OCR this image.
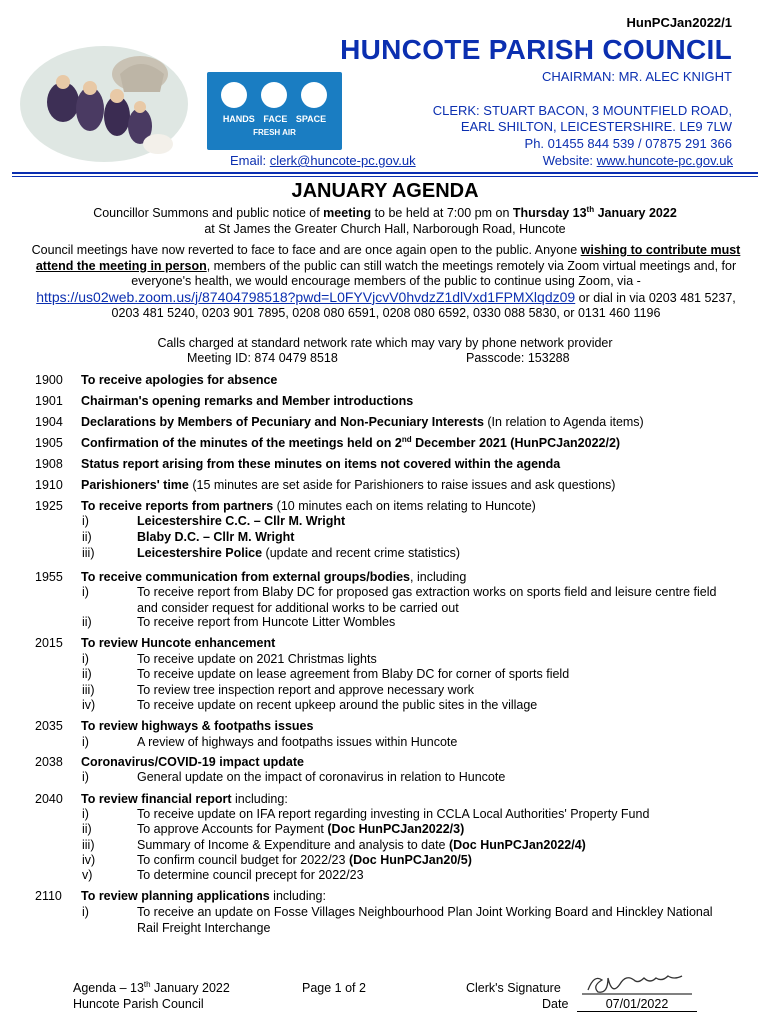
HunPCJan2022/1
HANDS FACE SPACE
FRESH AIR
HUNCOTE PARISH COUNCIL
CHAIRMAN: MR. ALEC KNIGHT
CLERK: STUART BACON, 3 MOUNTFIELD ROAD,
EARL SHILTON, LEICESTERSHIRE. LE9 7LW
Ph. 01455 844 539 / 07875 291 366
Email: clerk@huncote-pc.gov.uk	Website: www.huncote-pc.gov.uk
JANUARY AGENDA
Councillor Summons and public notice of meeting to be held at 7:00 pm on Thursday 13th January 2022
at St James the Greater Church Hall, Narborough Road, Huncote
Council meetings have now reverted to face to face and are once again open to the public. Anyone wishing to contribute must attend the meeting in person, members of the public can still watch the meetings remotely via Zoom virtual meetings and, for everyone's health, we would encourage members of the public to continue using Zoom, via - https://us02web.zoom.us/j/87404798518?pwd=L0FYVjcvV0hvdzZ1dlVxd1FPMXlqdz09 or dial in via 0203 481 5237, 0203 481 5240, 0203 901 7895, 0208 080 6591, 0208 080 6592, 0330 088 5830, or 0131 460 1196
Calls charged at standard network rate which may vary by phone network provider
Meeting ID: 874 0479 8518	Passcode: 153288
1900 To receive apologies for absence
1901 Chairman's opening remarks and Member introductions
1904 Declarations by Members of Pecuniary and Non-Pecuniary Interests (In relation to Agenda items)
1905 Confirmation of the minutes of the meetings held on 2nd December 2021 (HunPCJan2022/2)
1908 Status report arising from these minutes on items not covered within the agenda
1910 Parishioners' time (15 minutes are set aside for Parishioners to raise issues and ask questions)
1925 To receive reports from partners (10 minutes each on items relating to Huncote)
i)	Leicestershire C.C. – Cllr M. Wright
ii)	Blaby D.C. – Cllr M. Wright
iii)	Leicestershire Police (update and recent crime statistics)
1955 To receive communication from external groups/bodies, including
i)	To receive report from Blaby DC for proposed gas extraction works on sports field and leisure centre field and consider request for additional works to be carried out
ii)	To receive report from Huncote Litter Wombles
2015 To review Huncote enhancement
i)	To receive update on 2021 Christmas lights
ii)	To receive update on lease agreement from Blaby DC for corner of sports field
iii)	To review tree inspection report and approve necessary work
iv)	To receive update on recent upkeep around the public sites in the village
2035 To review highways & footpaths issues
i)	A review of highways and footpaths issues within Huncote
2038 Coronavirus/COVID-19 impact update
i)	General update on the impact of coronavirus in relation to Huncote
2040 To review financial report including:
i)	To receive update on IFA report regarding investing in CCLA Local Authorities' Property Fund
ii)	To approve Accounts for Payment (Doc HunPCJan2022/3)
iii)	Summary of Income & Expenditure and analysis to date (Doc HunPCJan2022/4)
iv)	To confirm council budget for 2022/23 (Doc HunPCJan20/5)
v)	To determine council precept for 2022/23
2110 To review planning applications including:
i)	To receive an update on Fosse Villages Neighbourhood Plan Joint Working Board and Hinckley National Rail Freight Interchange
Agenda – 13th January 2022
Huncote Parish Council
Page 1 of 2	Clerk's Signature
Date	07/01/2022
